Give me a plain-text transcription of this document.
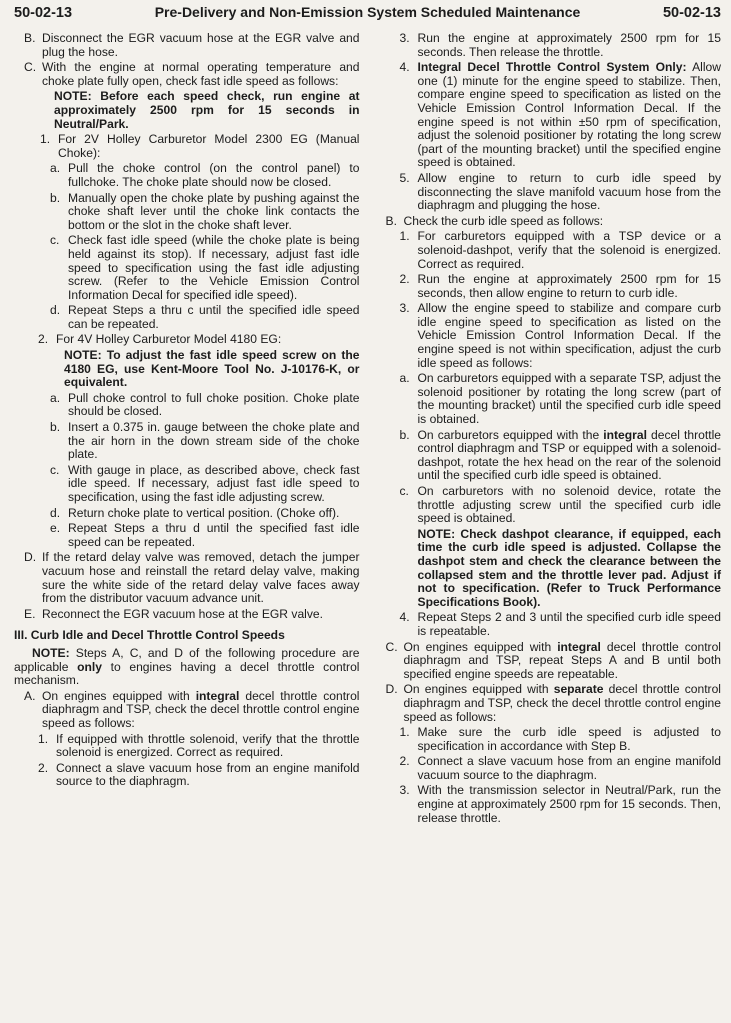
50-02-13	Pre-Delivery and Non-Emission System Scheduled Maintenance	50-02-13
B. Disconnect the EGR vacuum hose at the EGR valve and plug the hose.
C. With the engine at normal operating temperature and choke plate fully open, check fast idle speed as follows:
NOTE: Before each speed check, run engine at approximately 2500 rpm for 15 seconds in Neutral/Park.
1. For 2V Holley Carburetor Model 2300 EG (Manual Choke):
a. Pull the choke control (on the control panel) to fullchoke. The choke plate should now be closed.
b. Manually open the choke plate by pushing against the choke shaft lever until the choke link contacts the bottom or the slot in the choke shaft lever.
c. Check fast idle speed (while the choke plate is being held against its stop). If necessary, adjust fast idle speed to specification using the fast idle adjusting screw. (Refer to the Vehicle Emission Control Information Decal for specified idle speed).
d. Repeat Steps a thru c until the specified idle speed can be repeated.
2. For 4V Holley Carburetor Model 4180 EG:
NOTE: To adjust the fast idle speed screw on the 4180 EG, use Kent-Moore Tool No. J-10176-K, or equivalent.
a. Pull choke control to full choke position. Choke plate should be closed.
b. Insert a 0.375 in. gauge between the choke plate and the air horn in the down stream side of the choke plate.
c. With gauge in place, as described above, check fast idle speed. If necessary, adjust fast idle speed to specification, using the fast idle adjusting screw.
d. Return choke plate to vertical position. (Choke off).
e. Repeat Steps a thru d until the specified fast idle speed can be repeated.
D. If the retard delay valve was removed, detach the jumper vacuum hose and reinstall the retard delay valve, making sure the white side of the retard delay valve faces away from the distributor vacuum advance unit.
E. Reconnect the EGR vacuum hose at the EGR valve.
III. Curb Idle and Decel Throttle Control Speeds
NOTE: Steps A, C, and D of the following procedure are applicable only to engines having a decel throttle control mechanism.
A. On engines equipped with integral decel throttle control diaphragm and TSP, check the decel throttle control engine speed as follows:
1. If equipped with throttle solenoid, verify that the throttle solenoid is energized. Correct as required.
2. Connect a slave vacuum hose from an engine manifold source to the diaphragm.
3. Run the engine at approximately 2500 rpm for 15 seconds. Then release the throttle.
4. Integral Decel Throttle Control System Only: Allow one (1) minute for the engine speed to stabilize. Then, compare engine speed to specification as listed on the Vehicle Emission Control Information Decal. If the engine speed is not within ±50 rpm of specification, adjust the solenoid positioner by rotating the long screw (part of the mounting bracket) until the specified engine speed is obtained.
5. Allow engine to return to curb idle speed by disconnecting the slave manifold vacuum hose from the diaphragm and plugging the hose.
B. Check the curb idle speed as follows:
1. For carburetors equipped with a TSP device or a solenoid-dashpot, verify that the solenoid is energized. Correct as required.
2. Run the engine at approximately 2500 rpm for 15 seconds, then allow engine to return to curb idle.
3. Allow the engine speed to stabilize and compare curb idle engine speed to specification as listed on the Vehicle Emission Control Information Decal. If the engine speed is not within specification, adjust the curb idle speed as follows:
a. On carburetors equipped with a separate TSP, adjust the solenoid positioner by rotating the long screw (part of the mounting bracket) until the specified curb idle speed is obtained.
b. On carburetors equipped with the integral decel throttle control diaphragm and TSP or equipped with a solenoid-dashpot, rotate the hex head on the rear of the solenoid until the specified curb idle speed is obtained.
c. On carburetors with no solenoid device, rotate the throttle adjusting screw until the specified curb idle speed is obtained.
NOTE: Check dashpot clearance, if equipped, each time the curb idle speed is adjusted. Collapse the dashpot stem and check the clearance between the collapsed stem and the throttle lever pad. Adjust if not to specification. (Refer to Truck Performance Specifications Book).
4. Repeat Steps 2 and 3 until the specified curb idle speed is repeatable.
C. On engines equipped with integral decel throttle control diaphragm and TSP, repeat Steps A and B until both specified engine speeds are repeatable.
D. On engines equipped with separate decel throttle control diaphragm and TSP, check the decel throttle control engine speed as follows:
1. Make sure the curb idle speed is adjusted to specification in accordance with Step B.
2. Connect a slave vacuum hose from an engine manifold vacuum source to the diaphragm.
3. With the transmission selector in Neutral/Park, run the engine at approximately 2500 rpm for 15 seconds. Then, release throttle.
